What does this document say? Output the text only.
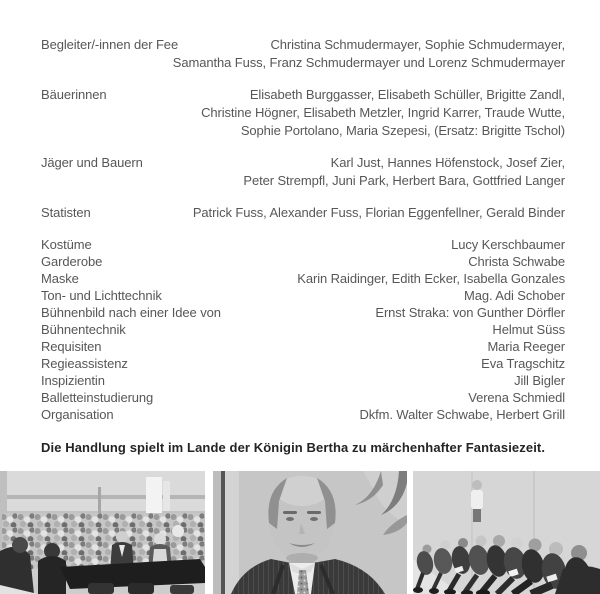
Begleiter/-innen der Fee	Christina Schmudermayer, Sophie Schmudermayer,
Samantha Fuss, Franz Schmudermayer und Lorenz Schmudermayer
Bäuerinnen	Elisabeth Burggasser, Elisabeth Schüller, Brigitte Zandl,
Christine Högner, Elisabeth Metzler, Ingrid Karrer, Traude Wutte,
Sophie Portolano, Maria Szepesi, (Ersatz: Brigitte Tschol)
Jäger und Bauern	Karl Just, Hannes Höfenstock, Josef Zier,
Peter Strempfl, Juni Park, Herbert Bara, Gottfried Langer
Statisten	Patrick Fuss, Alexander Fuss, Florian Eggenfellner, Gerald Binder
Kostüme	Lucy Kerschbaumer
Garderobe	Christa Schwabe
Maske	Karin Raidinger, Edith Ecker, Isabella Gonzales
Ton- und Lichttechnik	Mag. Adi Schober
Bühnenbild nach einer Idee von	Ernst Straka: von Gunther Dörfler
Bühnentechnik	Helmut Süss
Requisiten	Maria Reeger
Regieassistenz	Eva Tragschitz
Inspizientin	Jill Bigler
Balletteinstudierung	Verena Schmiedl
Organisation	Dkfm. Walter Schwabe, Herbert Grill
Die Handlung spielt im Lande der Königin Bertha zu märchenhafter Fantasiezeit.
